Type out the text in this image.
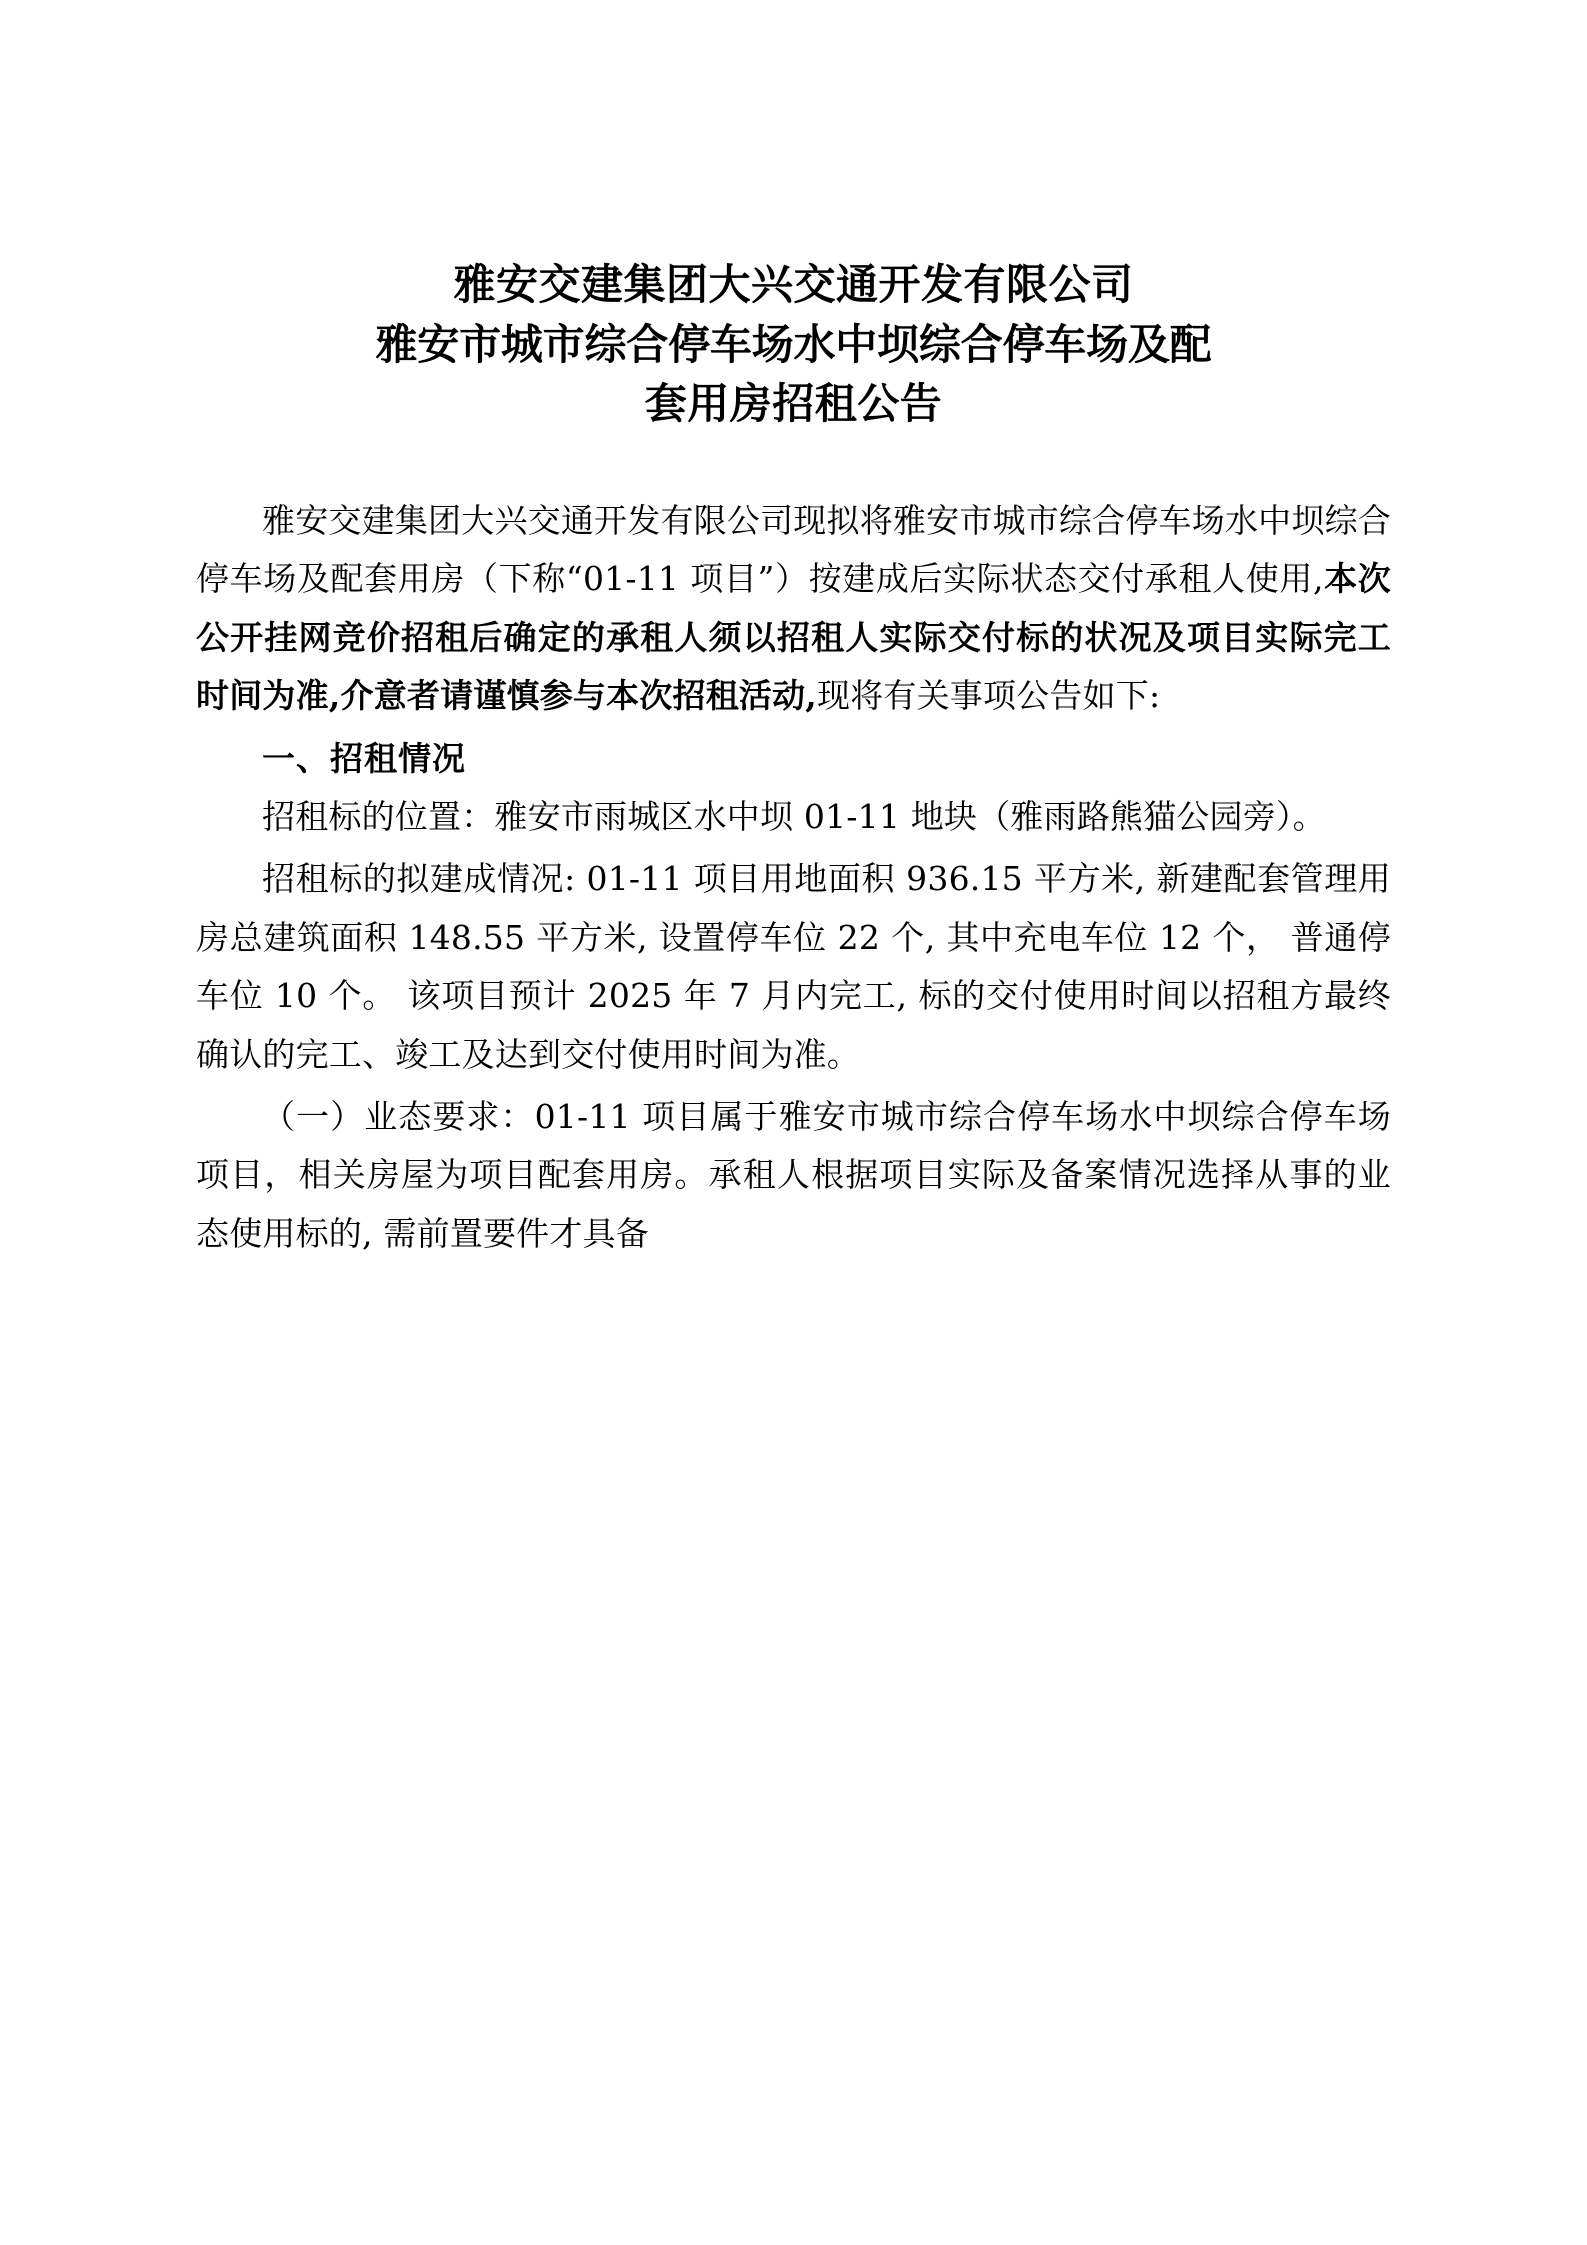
雅安交建集团大兴交通开发有限公司
雅安市城市综合停车场水中坝综合停车场及配
套用房招租公告

雅安交建集团大兴交通开发有限公司现拟将雅安市城市综合停车场水中坝综合停车场及配套用房（下称“01-11 项目”）按建成后实际状态交付承租人使用,本次公开挂网竞价招租后确定的承租人须以招租人实际交付标的状况及项目实际完工时间为准,介意者请谨慎参与本次招租活动,现将有关事项公告如下:

一、招租情况

招租标的位置：雅安市雨城区水中坝 01-11 地块（雅雨路熊猫公园旁）。

招租标的拟建成情况: 01-11 项目用地面积 936.15 平方米, 新建配套管理用房总建筑面积 148.55 平方米, 设置停车位 22 个, 其中充电车位 12 个， 普通停车位 10 个。 该项目预计 2025 年 7 月内完工, 标的交付使用时间以招租方最终确认的完工、竣工及达到交付使用时间为准。

（一）业态要求：01-11 项目属于雅安市城市综合停车场水中坝综合停车场项目，相关房屋为项目配套用房。承租人根据项目实际及备案情况选择从事的业态使用标的, 需前置要件才具备
